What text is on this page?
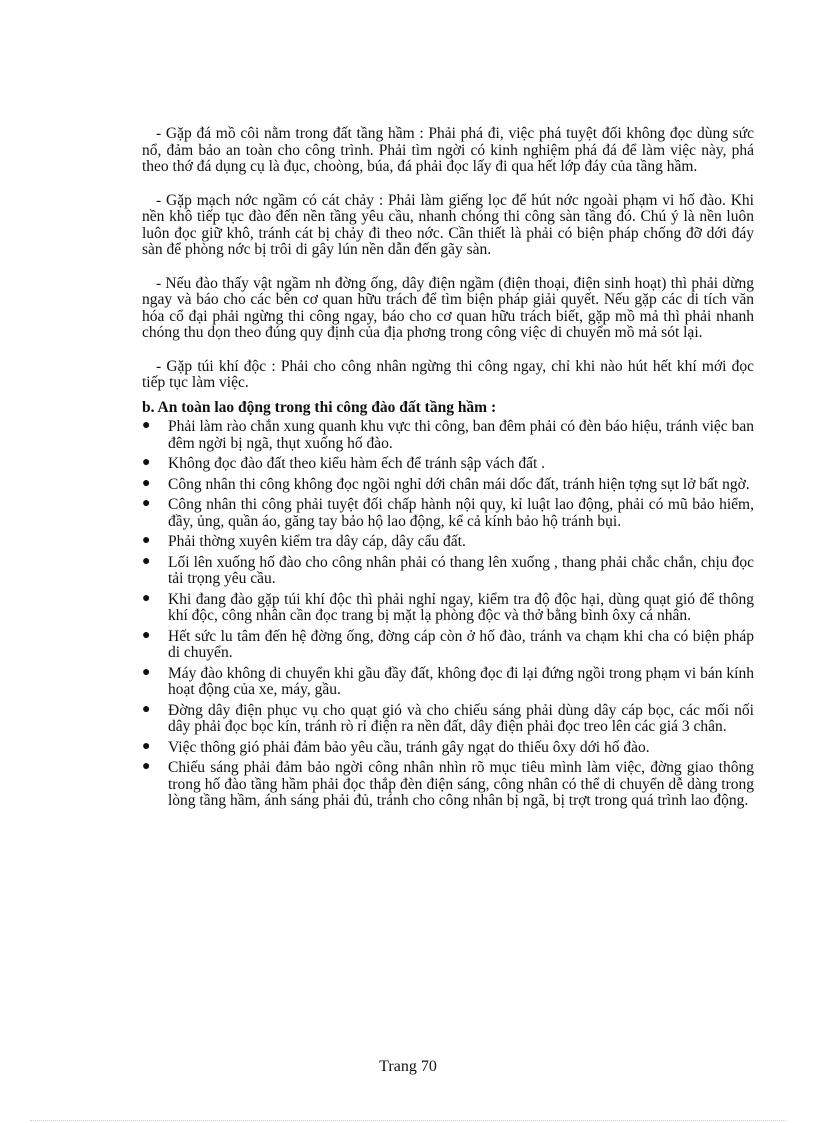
- Gặp đá mồ côi nằm trong đất tầng hầm : Phải phá đi, việc phá tuyệt đối không đọc dùng sức nổ, đảm bảo an toàn cho công trình. Phải tìm ngời có kinh nghiệm phá đá để làm việc này, phá theo thớ đá dụng cụ là đục, choòng, búa, đá phải đọc lấy đi qua hết lớp đáy của tầng hầm.

- Gặp mạch nớc ngầm có cát chảy : Phải làm giếng lọc để hút nớc ngoài phạm vi hố đào. Khi nền khô tiếp tục đào đến nền tầng yêu cầu, nhanh chóng thi công sàn tầng đó. Chú ý là nền luôn luôn đọc giữ khô, tránh cát bị chảy đi theo nớc. Cần thiết là phải có biện pháp chống đỡ dới đáy sàn để phòng nớc bị trôi di gây lún nền dẫn đến gãy sàn.

- Nếu đào thấy vật ngầm nh đờng ống, dây điện ngầm (điện thoại, điện sinh hoạt) thì phải dừng ngay và báo cho các bên cơ quan hữu trách để tìm biện pháp giải quyết. Nếu gặp các di tích văn hóa cổ đại phải ngừng thi công ngay, báo cho cơ quan hữu trách biết, gặp mồ mả thì phải nhanh chóng thu dọn theo đúng quy định của địa phơng trong công việc di chuyển mồ mả sót lại.

- Gặp túi khí độc : Phải cho công nhân ngừng thi công ngay, chỉ khi nào hút hết khí mới đọc tiếp tục làm việc.

b. An toàn lao động trong thi công đào đất tầng hầm :
● Phải làm rào chắn xung quanh khu vực thi công, ban đêm phải có đèn báo hiệu, tránh việc ban đêm ngời bị ngã, thụt xuống hố đào.
● Không đọc đào đất theo kiểu hàm ếch để tránh sập vách đất .
● Công nhân thi công không đọc ngồi nghỉ dới chân mái dốc đất, tránh hiện tợng sụt lở bất ngờ.
● Công nhân thi công phải tuyệt đối chấp hành nội quy, kỉ luật lao động, phải có mũ bảo hiểm, đầy, ủng, quần áo, găng tay bảo hộ lao động, kể cả kính bảo hộ tránh bụi.
● Phải thờng xuyên kiểm tra dây cáp, dây cẩu đất.
● Lối lên xuống hố đào cho công nhân phải có thang lên xuống , thang phải chắc chắn, chịu đọc tải trọng yêu cầu.
● Khi đang đào gặp túi khí độc thì phải nghỉ ngay, kiểm tra độ độc hại, dùng quạt gió để thông khí độc, công nhân cần đọc trang bị mặt lạ phòng độc và thở bằng bình ôxy cá nhân.
● Hết sức lu tâm đến hệ đờng ống, đờng cáp còn ở hố đào, tránh va chạm khi cha có biện pháp di chuyển.
● Máy đào không di chuyển khi gầu đầy đất, không đọc đi lại đứng ngồi trong phạm vi bán kính hoạt động của xe, máy, gầu.
● Đờng dây điện phục vụ cho quạt gió và cho chiếu sáng phải dùng dây cáp bọc, các mối nối dây phải đọc bọc kín, tránh rò rỉ điện ra nền đất, dây điện phải đọc treo lên các giá 3 chân.
● Việc thông gió phải đảm bảo yêu cầu, tránh gây ngạt do thiếu ôxy dới hố đào.
● Chiếu sáng phải đảm bảo ngời công nhân nhìn rõ mục tiêu mình làm việc, đờng giao thông trong hố đào tầng hầm phải đọc thắp đèn điện sáng, công nhân có thể di chuyển dễ dàng trong lòng tầng hầm, ánh sáng phải đủ, tránh cho công nhân bị ngã, bị trợt trong quá trình lao động.
Trang 70
